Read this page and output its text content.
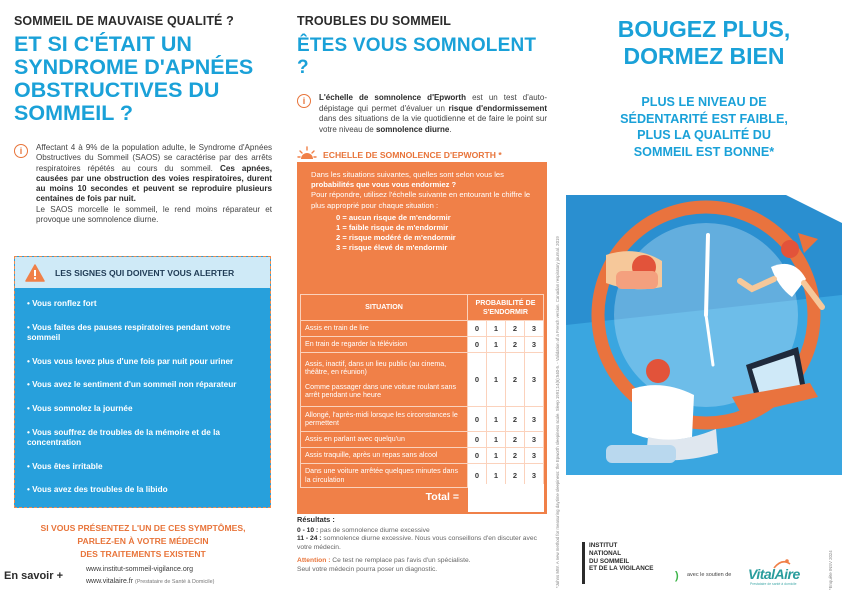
SOMMEIL DE MAUVAISE QUALITÉ ?
ET SI C'ÉTAIT UN
SYNDROME D'APNÉES
OBSTRUCTIVES DU
SOMMEIL ?
i	Affectant 4 à 9% de la population adulte, le Syndrome d'Apnées Obstructives du Sommeil (SAOS) se caractérise par des arrêts respiratoires répétés au cours du sommeil. Ces apnées, causées par une obstruction des voies respiratoires, durent au moins 10 secondes et peuvent se reproduire plusieurs centaines de fois par nuit.
Le SAOS morcelle le sommeil, le rend moins réparateur et provoque une somnolence diurne.
LES SIGNES QUI DOIVENT VOUS ALERTER
• Vous ronflez fort
• Vous faites des pauses respiratoires pendant votre sommeil
• Vous vous levez plus d'une fois par nuit pour uriner
• Vous avez le sentiment d'un sommeil non réparateur
• Vous somnolez la journée
• Vous souffrez de troubles de la mémoire et de la concentration
• Vous êtes irritable
• Vous avez des troubles de la libido
SI VOUS PRÉSENTEZ L'UN DE CES SYMPTÔMES,
PARLEZ-EN À VOTRE MÉDECIN
DES TRAITEMENTS EXISTENT
En savoir +
www.institut-sommeil-vigilance.org
www.vitalaire.fr (Prestataire de Santé à Domicile)
TROUBLES DU SOMMEIL
ÊTES VOUS SOMNOLENT ?
i	L'échelle de somnolence d'Epworth est un test d'auto-dépistage qui permet d'évaluer un risque d'endormissement dans des situations de la vie quotidienne et de faire le point sur votre niveau de somnolence diurne.
ECHELLE DE SOMNOLENCE D'EPWORTH *
Dans les situations suivantes, quelles sont selon vous les
probabilités que vous vous endormiez ?
Pour répondre, utilisez l'échelle suivante en entourant le chiffre le plus approprié pour chaque situation :
0 = aucun risque de m'endormir
1 = faible risque de m'endormir
2 = risque modéré de m'endormir
3 = risque élevé de m'endormir
SITUATION	PROBABILITÉ DE
S'ENDORMIR			
Assis en train de lire	0	1	2	3
En train de regarder la télévision	0	1	2	3

Assis, inactif, dans un lieu public (au cinema, théâtre, en réunion)
Comme passager dans une voiture roulant sans arrêt pendant une heure	0	1	2	3
Allongé, l'après-midi lorsque les circonstances le permettent	0	1	2	3
Assis en parlant avec quelqu'un	0	1	2	3
Assis traquille, après un repas sans alcool	0	1	2	3
Dans une voiture arrêtée quelques minutes dans la circulation	0	1	2	3
Total =
Résultats :
0 - 10 : pas de somnolence diurne excessive
11 - 24 : somnolence diurne excessive. Nous vous conseillons d'en discuter avec votre médecin.
Attention : Ce test ne remplace pas l'avis d'un spécialiste.
Seul votre médecin pourra poser un diagnostic.	*Johns MW. A new method for measuring daytime sleepiness: the Epworth sleepiness scale. Sleep 1991;14(6):540-5. - Validation of a French version. Canadian respiratory journal. 2019
BOUGEZ PLUS,
DORMEZ BIEN
PLUS LE NIVEAU DE
SÉDENTARITÉ EST FAIBLE,
PLUS LA QUALITÉ DU
SOMMEIL EST BONNE*
INSTITUT
NATIONAL
DU SOMMEIL
ET DE LA VIGILANCE
) avec le soutien de VitalAire
Prestataire de santé à domicile	*Enquête INSV 2024
